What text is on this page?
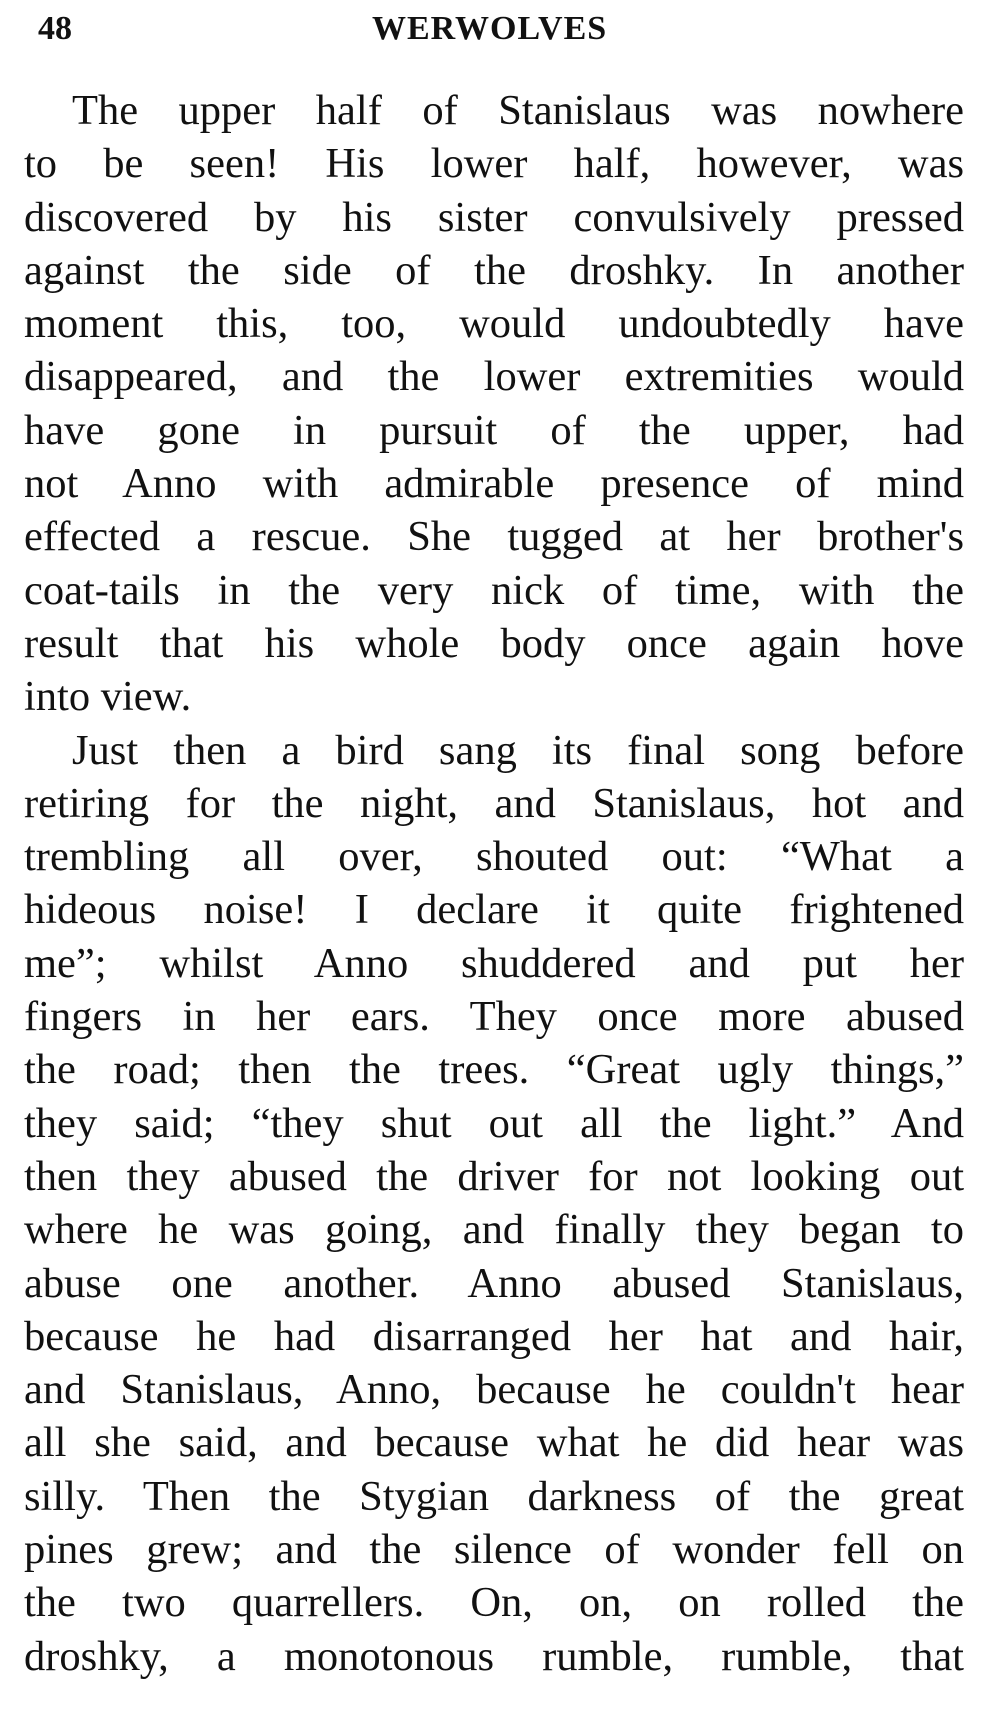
48	WERWOLVES
The upper half of Stanislaus was nowhere
to be seen! His lower half, however, was
discovered by his sister convulsively pressed
against the side of the droshky. In another
moment this, too, would undoubtedly have
disappeared, and the lower extremities would
have gone in pursuit of the upper, had
not Anno with admirable presence of mind
effected a rescue. She tugged at her brother's
coat-tails in the very nick of time, with the
result that his whole body once again hove
into view.
Just then a bird sang its final song before
retiring for the night, and Stanislaus, hot and
trembling all over, shouted out: “What a
hideous noise! I declare it quite frightened
me”; whilst Anno shuddered and put her
fingers in her ears. They once more abused
the road; then the trees. “Great ugly things,”
they said; “they shut out all the light.” And
then they abused the driver for not looking out
where he was going, and finally they began to
abuse one another. Anno abused Stanislaus,
because he had disarranged her hat and hair,
and Stanislaus, Anno, because he couldn't hear
all she said, and because what he did hear was
silly. Then the Stygian darkness of the great
pines grew; and the silence of wonder fell on
the two quarrellers. On, on, on rolled the
droshky, a monotonous rumble, rumble, that
